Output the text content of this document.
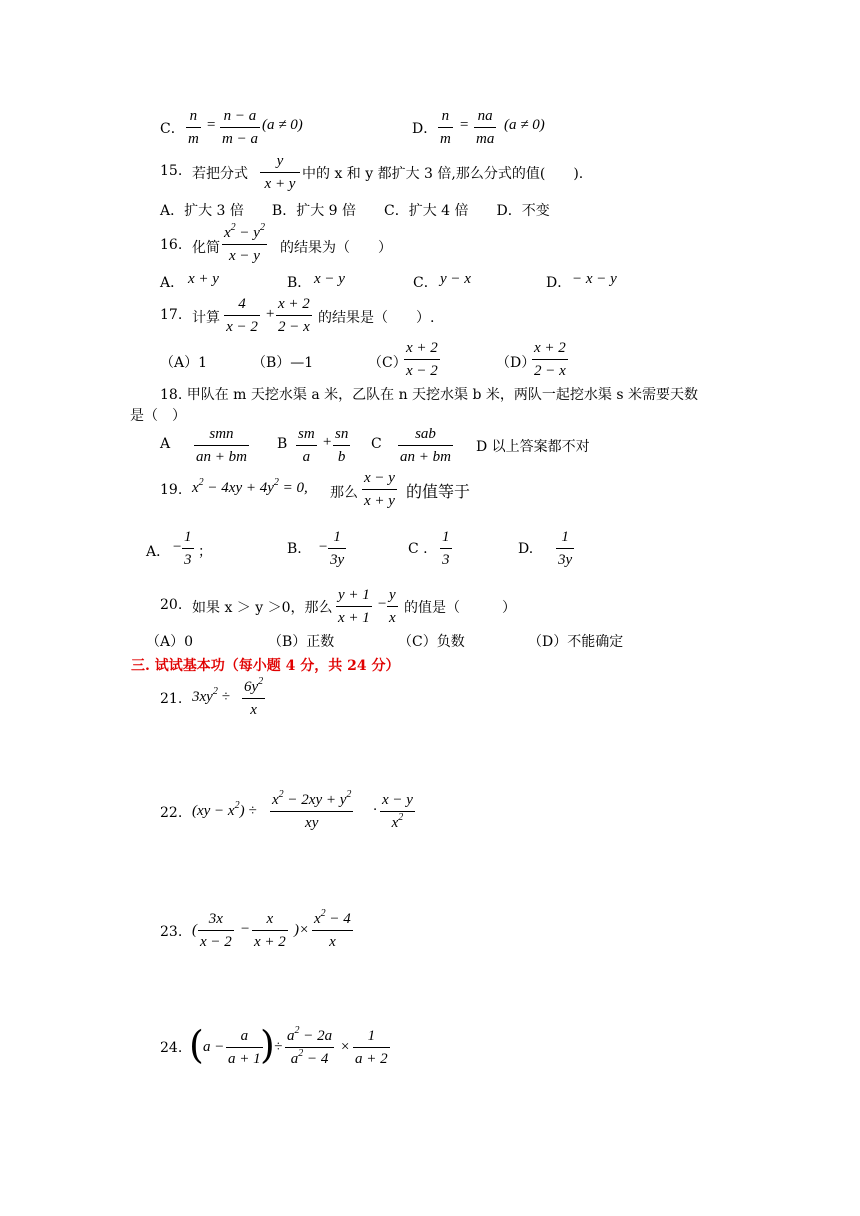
C．
n
m
=
n − a
m − a
(a ≠ 0)	D．
n
m
=
na
ma
(a ≠ 0)
15. 若把分式
y
x + y
中的 x 和 y 都扩大 3 倍,那么分式的值(　　).
A．扩大 3 倍　　B．扩大 9 倍　　C．扩大 4 倍　　D．不变
16. 化简
$x^2 - y^2$
x − y	的结果为（　　）
A． x + y	B． x − y	C． y − x	D． − x − y
17. 计算
4
x − 2
+
x + 2
2 − x
的结果是（　　）.
（A）1	（B）—1	（C）
x + 2
x − 2	（D）
x + 2
2 − x
18. 甲队在 m 天挖水渠 a 米，乙队在 n 天挖水渠 b 米，两队一起挖水渠 s 米需要天数
是（　）
A
smn
an + bm
B
sm
a
+ sn
b
C
sab
an + bm
D 以上答案都不对
19. $x^2 - 4xy + 4y^2 = 0$, 那么
x − y
x + y 的值等于
A． −
1
3 ；	B. −
1
3y
C .
1
3
D.
1
3y
20. 如果 x ＞ y ＞0，那么
y + 1
x + 1
−
y
x
的值是（　　　）
（A）0	（B）正数	（C）负数	（D）不能确定
三. 试试基本功（每小题 4 分，共 24 分）
21. $3xy^2$ ÷
$6y^2$
x
22. $(xy - x^2)$ ÷
$x^2 - 2xy + y^2$
xy
·
x − y
$x^2$
23. (
3x
x − 2
−
x
x + 2
)×
$x^2 - 4$
x
24. ( a −
a
a + 1 ) ÷
$a^2 - 2a$
$a^2 - 4$
×
1
a + 2
